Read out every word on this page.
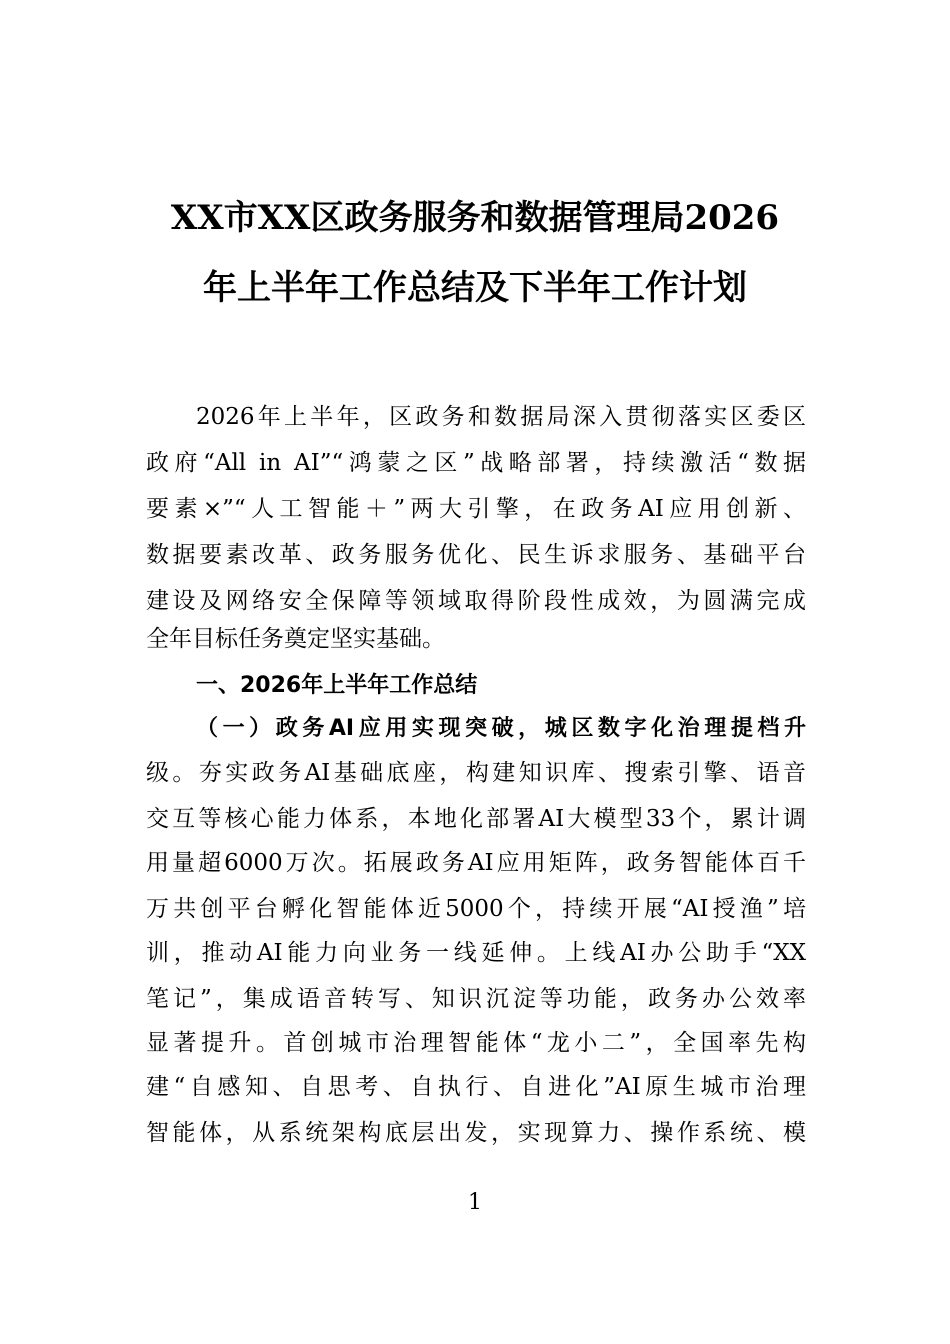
XX市XX区政务服务和数据管理局2026
年上半年工作总结及下半年工作计划
2026年上半年，区政务和数据局深入贯彻落实区委区
政府“All in AI”“鸿蒙之区”战略部署，持续激活“数据
要素×”“人工智能＋”两大引擎，在政务AI应用创新、
数据要素改革、政务服务优化、民生诉求服务、基础平台
建设及网络安全保障等领域取得阶段性成效，为圆满完成
全年目标任务奠定坚实基础。
一、2026年上半年工作总结
（一）政务AI应用实现突破，城区数字化治理提档升
级。夯实政务AI基础底座，构建知识库、搜索引擎、语音
交互等核心能力体系，本地化部署AI大模型33个，累计调
用量超6000万次。拓展政务AI应用矩阵，政务智能体百千
万共创平台孵化智能体近5000个，持续开展“AI授渔”培
训，推动AI能力向业务一线延伸。上线AI办公助手“XX
笔记”，集成语音转写、知识沉淀等功能，政务办公效率
显著提升。首创城市治理智能体“龙小二”，全国率先构
建“自感知、自思考、自执行、自进化”AI原生城市治理
智能体，从系统架构底层出发，实现算力、操作系统、模
1
